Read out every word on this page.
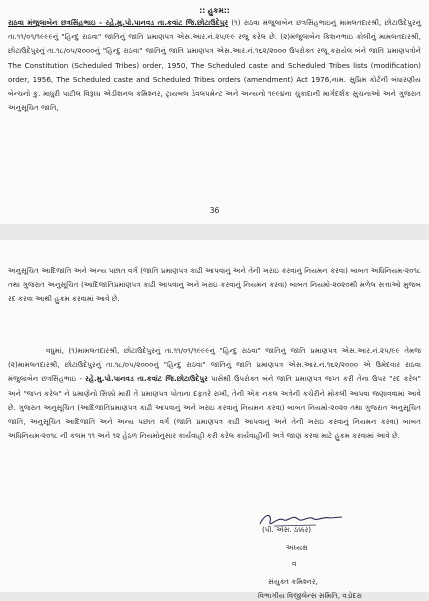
:: હુકમ::

રાઠવા મંજુલાબેન છત્રસિંહભાઇ - રહે.મુ.પો.પાનવડ તા.કવાંટ જિ.છોટાઉદેપુર (૧) રાઠવા મંજુલાબેન છત્રસિંહભાઇનું મામલતદારશ્રી, છોટાઉદેપુરનું તા.૧૧/૦૧/૧૯૯૯નું "હિન્દુ રાઠવા" જાતિનું જાતિ પ્રમાણપત્ર એસ.આર.નં.૨૫/૯૯ રજુ કરેલ છે. (૨)મંજુલાબેન કિશનભાઇ કોલીનું મામલતદારશ્રી, છોટાઉદેપુરનું તા.૧૮/૦૫/૨૦૦૦નું "હિન્દુ રાઠવા" જાતિનું જાતિ પ્રમાણપત્ર એસ.આર.નં.૧૬૨/૨૦૦૦ ઉપરોક્ત રજૂ કરાયેલ બંને જાતિ પ્રમાણપત્રોને The Constitution (Scheduled Tribes) order, 1950, The Scheduled caste and Scheduled Tribes lists (modification) order, 1956, The Scheduled caste and Scheduled Tribes orders (amendment) Act 1976,નામ. સુપ્રિમ કોર્ટની બંધારણીય બેન્ચનો કુ. માધુરી પાટીલ વિરૂધ્ધ એડીશનલ કમિશ્નર, ટ્રાયબલ ડેવલપમેન્ટ અને અન્યનો ૧૯૯૪ના ચુકાદાની માર્ગદર્શક સુચનાઓ અને ગુજરાત અનુસૂચિત જાતિ,

36

અનુસૂચિત આદિજાતિ અને અન્ય પછાત વર્ગ (જાતિ પ્રમાણપત્ર કાઢી આપવાનું અને તેની ખરાઇ કરવાનું નિયમન કરવા) બાબત અધિનિયમ-૨૦૧૮ તથા ગુજરાત અનુસૂચિત (આદિજાતિપ્રમાણપત્ર કાઢી આપવાનું અને ખરાઇ કરવાનું નિયમન કરવા) બાબત નિયમો-૨૦૨૦થી મળેલ સત્તાઓ મુજબ રદ કરવા આથી હુકમ કરવામાં આવે છે.

વધુમાં, (૧)મામલતદારશ્રી, છોટાઉદેપુરનું તા.૧૧/૦૧/૧૯૯૯નું "હિન્દુ રાઠવા" જાતિનું જાતિ પ્રમાણપત્ર એસ.આર.નં.૨૫/૯૯ તેમજ (૨)મામલતદારશ્રી, છોટાઉદેપુરનું તા.૧૮/૦૫/૨૦૦૦નું "હિન્દુ રાઠવા" જાતિનું જાતિ પ્રમાણપત્ર એસ.આર.નં.૧૬૨/૨૦૦૦ એ ઉમેદવાર રાઠવા મંજુલાબેન છત્રસિંહભાઇ - રહે.મુ.પો.પાનવડ તા.કવાંટ જિ.છોટાઉદેપુર પાસેથી ઉપરોક્ત બંને જાતિ પ્રમાણપત્ર જપ્ત કરી તેના ઉપર "રદ કરેલ" અને "જપ્ત કરેલ" ને પ્રમાણેનો સિક્કો મારી તે પ્રમાણપત્ર પોતાના દફતરે રાખી, તેની એક નકલ અત્રેની કચેરીને મોકલી આપવા જણાવવામાં આવે છે. ગુજરાત અનુસૂચિત (આદિજાતિપ્રમાણપત્ર કાઢી આપવાનું અને ખરાઇ કરવાનું નિયમન કરવા) બાબત નિયમો-૨૦૨૦ તથા ગુજરાત અનુસૂચિત જાતિ, અનુસૂચિત આદિજાતિ અને અન્ય પછાત વર્ગ (જાતિ પ્રમાણપત્ર કાઢી આપવાનું અને તેની ખરાઇ કરવાનું નિયમન કરવા) બાબત અધિનિયમ-૨૦૧૮ ની કલમ ૧૧ અને ૧૨ હેઠળ નિયમોનુસાર કાર્યવાહી કરી કરેલ કાર્યવાહીની અત્રે જાણ કરવા માટે હુકમ કરવામાં આવે છે.

(પી. એસ. ઠક્કર)
અધ્યક્ષ
વ
સંયુક્ત કમિશ્નર,
વિભાગીય વિજીલેન્સ સમિતિ, વડોદરા
